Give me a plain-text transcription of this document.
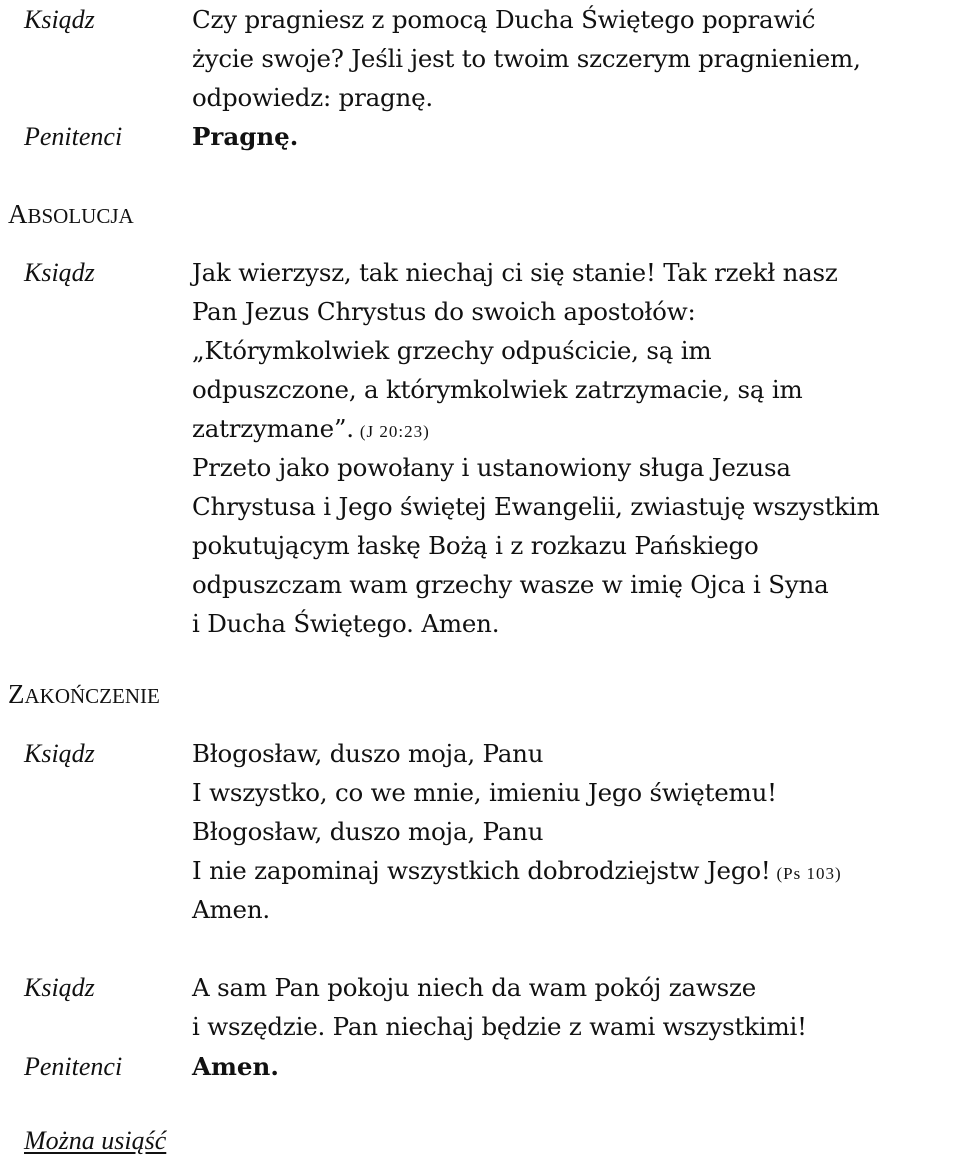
Ksiądz	Czy pragniesz z pomocą Ducha Świętego poprawić
życie swoje? Jeśli jest to twoim szczerym pragnieniem,
odpowiedz: pragnę.
Penitenci	Pragnę.
ABSOLUCJA
Ksiądz	Jak wierzysz, tak niechaj ci się stanie! Tak rzekł nasz
Pan Jezus Chrystus do swoich apostołów:
„Którymkolwiek grzechy odpuścicie, są im
odpuszczone, a którymkolwiek zatrzymacie, są im
zatrzymane”. (J 20:23)
Przeto jako powołany i ustanowiony sługa Jezusa
Chrystusa i Jego świętej Ewangelii, zwiastuję wszystkim
pokutującym łaskę Bożą i z rozkazu Pańskiego
odpuszczam wam grzechy wasze w imię Ojca i Syna
i Ducha Świętego. Amen.
ZAKOŃCZENIE
Ksiądz	Błogosław, duszo moja, Panu
I wszystko, co we mnie, imieniu Jego świętemu!
Błogosław, duszo moja, Panu
I nie zapominaj wszystkich dobrodziejstw Jego! (Ps 103)
Amen.
Ksiądz	A sam Pan pokoju niech da wam pokój zawsze
i wszędzie. Pan niechaj będzie z wami wszystkimi!
Penitenci	Amen.
Można usiąść
